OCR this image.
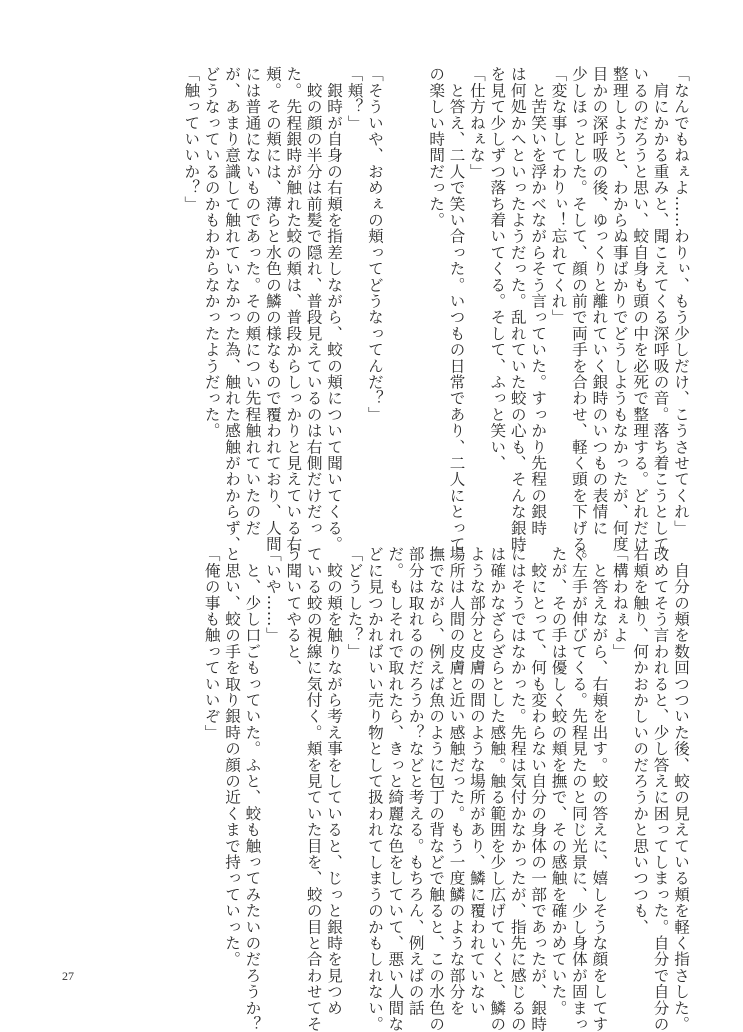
「なんでもねぇよ……わりぃ、もう少しだけ、こうさせてくれ」
　肩にかかる重みと、聞こえてくる深呼吸の音。落ち着こうとして
いるのだろうと思い、蛟自身も頭の中を必死で整理する。どれだけ
整理しようと、わからぬ事ばかりでどうしようもなかったが、何度
目かの深呼吸の後、ゆっくりと離れていく銀時のいつもの表情に
少しほっとした。そして、顔の前で両手を合わせ、軽く頭を下げる。
「変な事してわりぃ！忘れてくれ」
　と苦笑いを浮かべながらそう言っていた。すっかり先程の銀時
は何処かへといったようだった。乱れていた蛟の心も、そんな銀時
を見て少しずつ落ち着いてくる。そして、ふっと笑い、
「仕方ねぇな」
　と答え、二人で笑い合った。いつもの日常であり、二人にとって
の楽しい時間だった。

「そういや、おめぇの頬ってどうなってんだ？」
「頬？」
　銀時が自身の右頬を指差しながら、蛟の頬について聞いてくる。
　蛟の顔の半分は前髪で隠れ、普段見えているのは右側だけだっ
た。先程銀時が触れた蛟の頬は、普段からしっかりと見えている右
頬。その頬には、薄らと水色の鱗の様なもので覆われており、人間
には普通にないものであった。その頬につい先程触れていたのだ
が、あまり意識して触れていなかった為、触れた感触がわからず、
どうなっているのかもわからなかったようだった。
「触っていいか？」
　自分の頬を数回つついた後、蛟の見えている頬を軽く指さした。
改めてそう言われると、少し答えに困ってしまった。自分で自分の
右頬を触り、何かおかしいのだろうかと思いつつも、
「構わねぇよ」
　と答えながら、右頬を出す。蛟の答えに、嬉しそうな顔をしてす
ぐ左手が伸びてくる。先程見たのと同じ光景に、少し身体が固まっ
たが、その手は優しく蛟の頬を撫で、その感触を確かめていた。
　蛟にとって、何も変わらない自分の身体の一部であったが、銀時
にはそうではなかった。先程は気付かなかったが、指先に感じるの
は確かなざらざらとした感触。触る範囲を少し広げていくと、鱗の
ような部分と皮膚の間のような場所があり、鱗に覆われていない
場所は人間の皮膚と近い感触だった。もう一度鱗のような部分を
撫でながら、例えば魚のように包丁の背などで触ると、この水色の
部分は取れるのだろうか？などと考える。もちろん、例えばの話
だ。もしそれで取れたら、きっと綺麗な色をしていて、悪い人間な
どに見つかればいい売り物として扱われてしまうのかもしれない。
「どうした？」
　蛟の頬を触りながら考え事をしていると、じっと銀時を見つめ
ている蛟の視線に気付く。頬を見ていた目を、蛟の目と合わせてそ
う聞いてやると、
「いや……」
　と、少し口ごもっていた。ふと、蛟も触ってみたいのだろうか？
と思い、蛟の手を取り銀時の顔の近くまで持っていった。
「俺の事も触っていいぞ」
27
